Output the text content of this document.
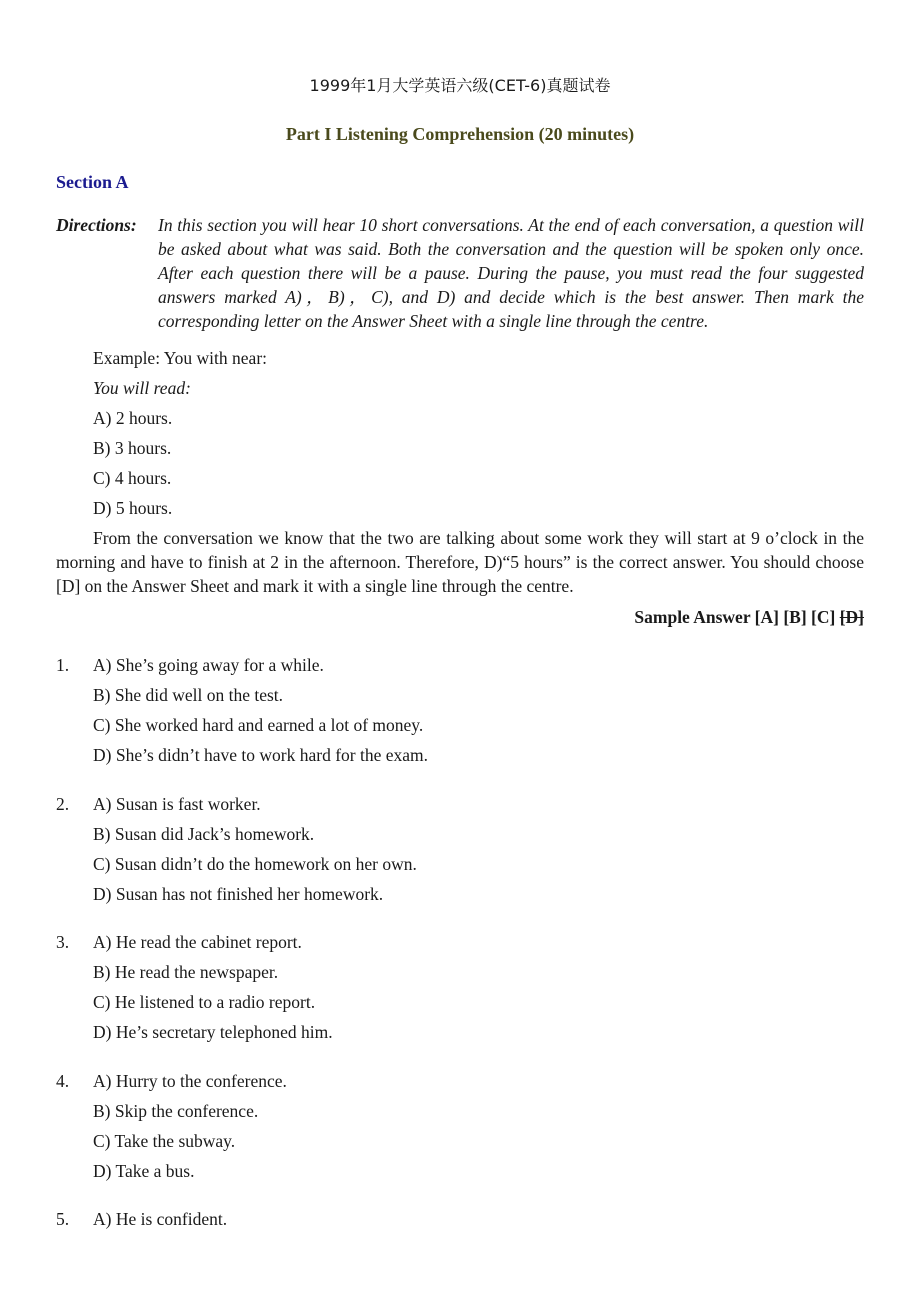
1999年1月大学英语六级(CET-6)真题试卷
Part I Listening Comprehension (20 minutes)
Section A
Directions: In this section you will hear 10 short conversations. At the end of each conversation, a question will be asked about what was said. Both the conversation and the question will be spoken only once. After each question there will be a pause. During the pause, you must read the four suggested answers marked A)，B)，C), and D) and decide which is the best answer. Then mark the corresponding letter on the Answer Sheet with a single line through the centre.
Example: You with near:
You will read:
A) 2 hours.
B) 3 hours.
C) 4 hours.
D) 5 hours.
From the conversation we know that the two are talking about some work they will start at 9 o’clock in the morning and have to finish at 2 in the afternoon. Therefore, D)“5 hours” is the correct answer. You should choose [D] on the Answer Sheet and mark it with a single line through the centre.
Sample Answer [A] [B] [C] [D]
1. A) She’s going away for a while.
B) She did well on the test.
C) She worked hard and earned a lot of money.
D) She’s didn’t have to work hard for the exam.
2. A) Susan is fast worker.
B) Susan did Jack’s homework.
C) Susan didn’t do the homework on her own.
D) Susan has not finished her homework.
3. A) He read the cabinet report.
B) He read the newspaper.
C) He listened to a radio report.
D) He’s secretary telephoned him.
4. A) Hurry to the conference.
B) Skip the conference.
C) Take the subway.
D) Take a bus.
5. A) He is confident.
